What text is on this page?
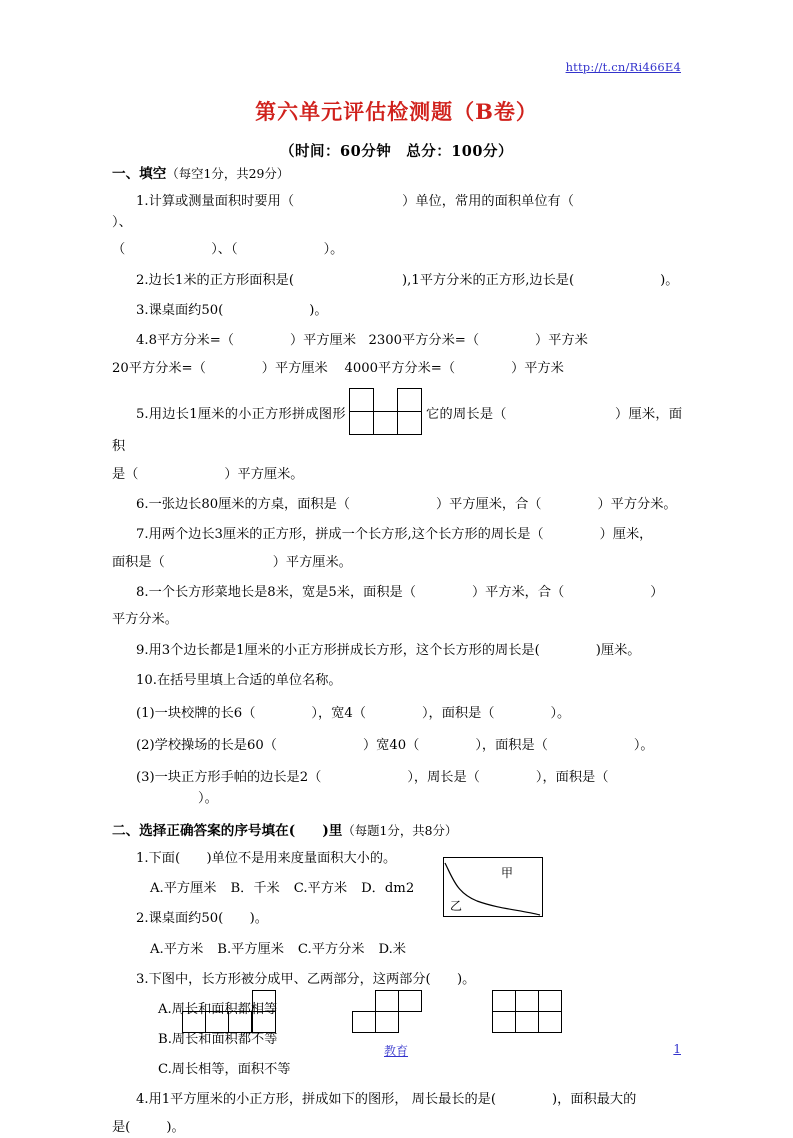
http://t.cn/Ri466E4
第六单元评估检测题（B卷）
（时间：60分钟　总分：100分）
一、填空（每空1分，共29分）
1.计算或测量面积时要用（	）单位，常用的面积单位有（）、
（	）、（	）。
2.边长1米的正方形面积是(	),1平方分米的正方形,边长是(	)。
3.课桌面约50(	)。
4.8平方分米=（	）平方厘米 2300平方分米=（	）平方米
20平方分米=（	）平方厘米 4000平方分米=（	）平方米
5.用边长1厘米的小正方形拼成图形	它的周长是（	）厘米，面积
是（	）平方厘米。
6.一张边长80厘米的方桌，面积是（	）平方厘米，合（	）平方分米。
7.用两个边长3厘米的正方形，拼成一个长方形,这个长方形的周长是（	）厘米，
面积是（	）平方厘米。
8.一个长方形菜地长是8米，宽是5米，面积是（	）平方米，合（	）
平方分米。
9.用3个边长都是1厘米的小正方形拼成长方形，这个长方形的周长是(	)厘米。
10.在括号里填上合适的单位名称。
(1)一块校牌的长6（	），宽4（	），面积是（	）。
(2)学校操场的长是60（	）宽40（	），面积是（	）。
(3)一块正方形手帕的边长是2（	），周长是（	），面积是（）。
二、选择正确答案的序号填在(　　)里（每题1分，共8分）
1.下面(　　)单位不是用来度量面积大小的。
A.平方厘米 B．千米 C.平方米 D．dm2
2.课桌面约50(　　)。
A.平方米 B.平方厘米 C.平方分米 D.米
3.下图中，长方形被分成甲、乙两部分，这两部分(　　)。
A.周长和面积都相等
B.周长和面积都不等
C.周长相等，面积不等
4.用1平方厘米的小正方形，拼成如下的图形， 周长最长的是(	)，面积最大的
是(	)。
甲
乙
教育	1
